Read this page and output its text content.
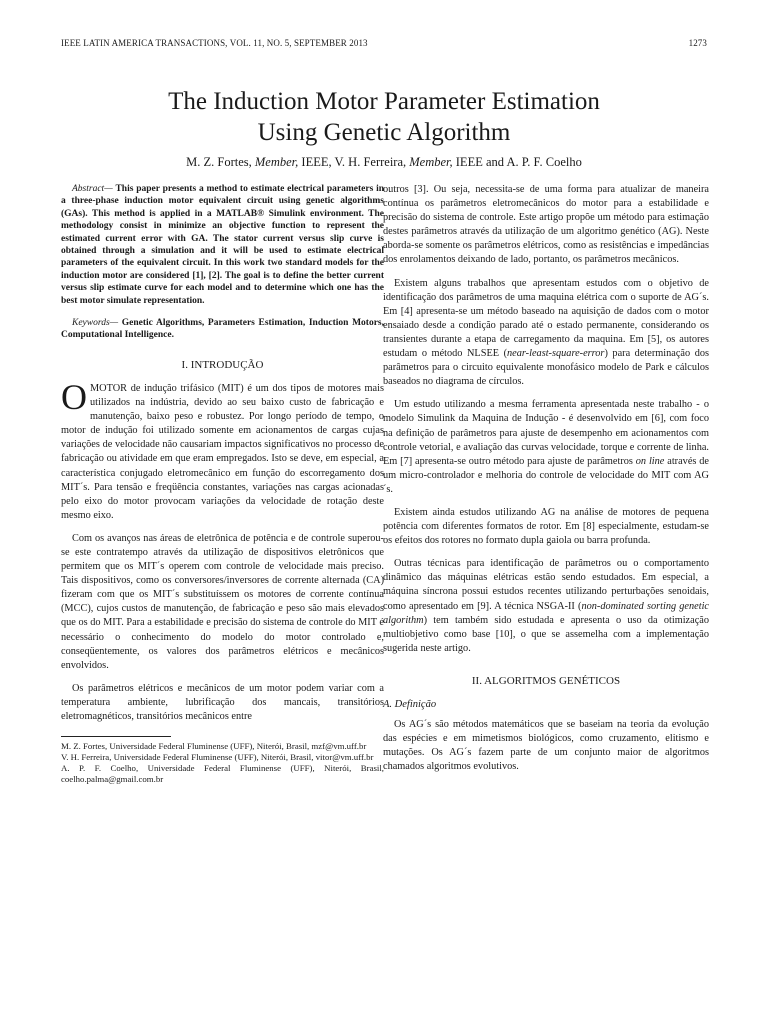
IEEE LATIN AMERICA TRANSACTIONS, VOL. 11, NO. 5, SEPTEMBER 2013	1273
The Induction Motor Parameter Estimation
Using Genetic Algorithm
M. Z. Fortes, Member, IEEE, V. H. Ferreira, Member, IEEE and A. P. F. Coelho

Abstract— This paper presents a method to estimate electrical parameters in a three-phase induction motor equivalent circuit using genetic algorithms (GAs). This method is applied in a MATLAB® Simulink environment. The methodology consist in minimize an objective function to represent the estimated current error with GA. The stator current versus slip curve is obtained through a simulation and it will be used to estimate electrical parameters of the equivalent circuit. In this work two standard models for the induction motor are considered [1], [2]. The goal is to define the better current versus slip estimate curve for each model and to determine which one has the best motor simulate representation.

Keywords— Genetic Algorithms, Parameters Estimation, Induction Motors, Computational Intelligence.

I. INTRODUÇÃO

OMOTOR de indução trifásico (MIT) é um dos tipos de motores mais utilizados na indústria, devido ao seu baixo custo de fabricação e manutenção, baixo peso e robustez. Por longo período de tempo, o motor de indução foi utilizado somente em acionamentos de cargas cujas variações de velocidade não causariam impactos significativos no processo de fabricação ou atividade em que eram empregados. Isto se deve, em especial, a característica conjugado eletromecânico em função do escorregamento dos MIT´s. Para tensão e freqüência constantes, variações nas cargas acionadas pelo eixo do motor provocam variações da velocidade de rotação deste mesmo eixo.

Com os avanços nas áreas de eletrônica de potência e de controle superou-se este contratempo através da utilização de dispositivos eletrônicos que permitem que os MIT´s operem com controle de velocidade mais preciso. Tais dispositivos, como os conversores/inversores de corrente alternada (CA) fizeram com que os MIT´s substituíssem os motores de corrente contínua (MCC), cujos custos de manutenção, de fabricação e peso são mais elevados que os do MIT. Para a estabilidade e precisão do sistema de controle do MIT é necessário o conhecimento do modelo do motor controlado e, conseqüentemente, os valores dos parâmetros elétricos e mecânicos envolvidos.

Os parâmetros elétricos e mecânicos de um motor podem variar com a temperatura ambiente, lubrificação dos mancais, transitórios eletromagnéticos, transitórios mecânicos entre

M. Z. Fortes, Universidade Federal Fluminense (UFF), Niterói, Brasil, mzf@vm.uff.br

V. H. Ferreira, Universidade Federal Fluminense (UFF), Niterói, Brasil, vitor@vm.uff.br

A. P. F. Coelho, Universidade Federal Fluminense (UFF), Niterói, Brasil, coelho.palma@gmail.com.br

outros [3]. Ou seja, necessita-se de uma forma para atualizar de maneira contínua os parâmetros eletromecânicos do motor para a estabilidade e precisão do sistema de controle. Este artigo propõe um método para estimação destes parâmetros através da utilização de um algoritmo genético (AG). Neste aborda-se somente os parâmetros elétricos, como as resistências e impedâncias dos enrolamentos deixando de lado, portanto, os parâmetros mecânicos.

Existem alguns trabalhos que apresentam estudos com o objetivo de identificação dos parâmetros de uma maquina elétrica com o suporte de AG´s. Em [4] apresenta-se um método baseado na aquisição de dados com o motor ensaiado desde a condição parado até o estado permanente, considerando os transientes durante a etapa de carregamento da maquina. Em [5], os autores estudam o método NLSEE (near-least-square-error) para determinação dos parâmetros para o circuito equivalente monofásico modelo de Park e cálculos baseados no diagrama de círculos.

Um estudo utilizando a mesma ferramenta apresentada neste trabalho - o modelo Simulink da Maquina de Indução - é desenvolvido em [6], com foco na definição de parâmetros para ajuste de desempenho em acionamentos com controle vetorial, e avaliação das curvas velocidade, torque e corrente de linha. Em [7] apresenta-se outro método para ajuste de parâmetros on line através de um micro-controlador e melhoria do controle de velocidade do MIT com AG´s.

Existem ainda estudos utilizando AG na análise de motores de pequena potência com diferentes formatos de rotor. Em [8] especialmente, estudam-se os efeitos dos rotores no formato dupla gaiola ou barra profunda.

Outras técnicas para identificação de parâmetros ou o comportamento dinâmico das máquinas elétricas estão sendo estudados. Em especial, a máquina síncrona possui estudos recentes utilizando perturbações senoidais, como apresentado em [9]. A técnica NSGA-II (non-dominated sorting genetic algorithm) tem também sido estudada e apresenta o uso da otimização multiobjetivo como base [10], o que se assemelha com a implementação sugerida neste artigo.

II. ALGORITMOS GENÉTICOS
A. Definição

Os AG´s são métodos matemáticos que se baseiam na teoria da evolução das espécies e em mimetismos biológicos, como cruzamento, elitismo e mutações. Os AG´s fazem parte de um conjunto maior de algoritmos chamados algoritmos evolutivos.
